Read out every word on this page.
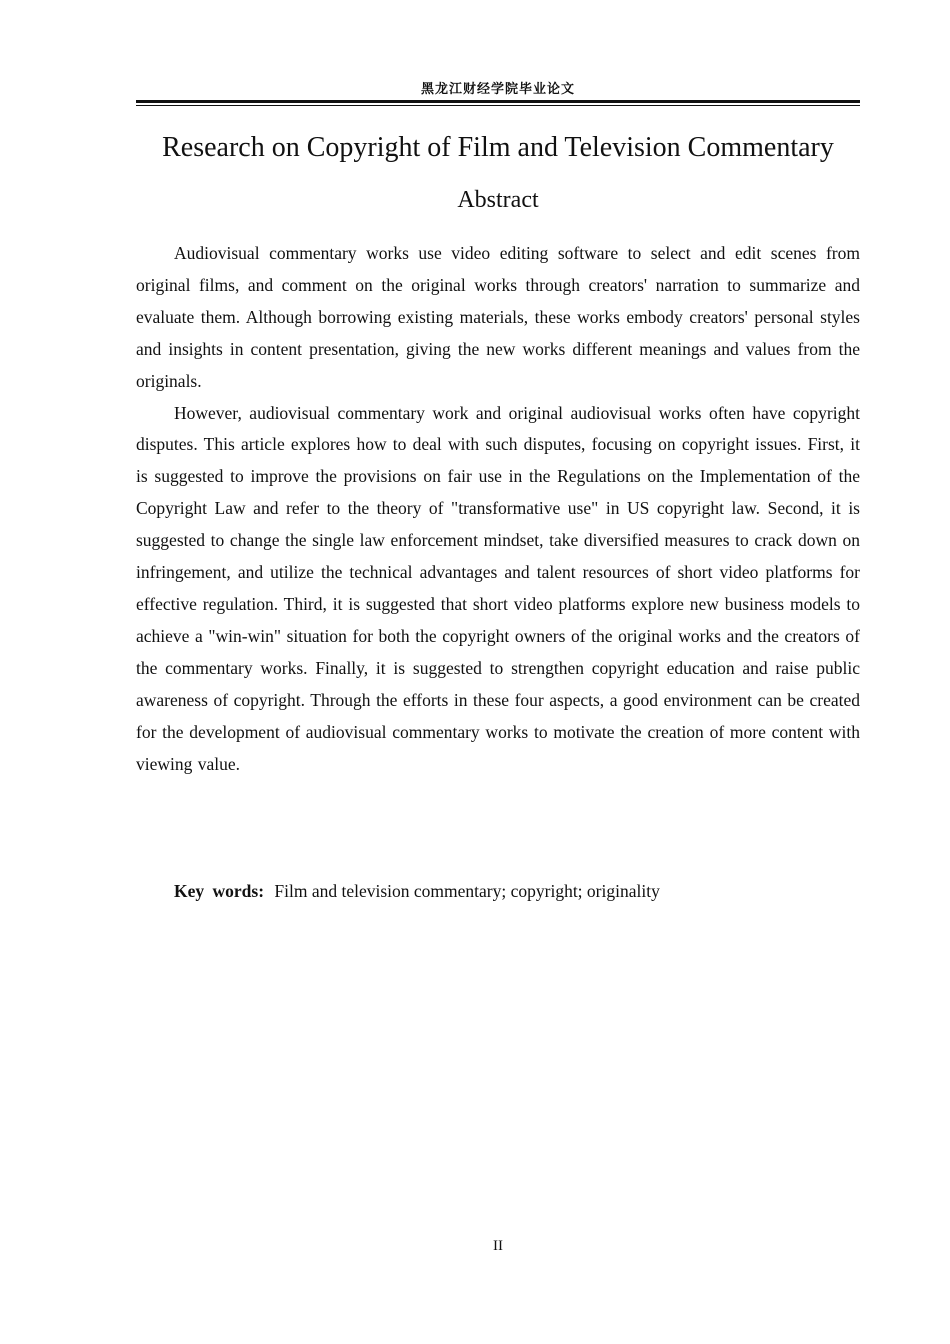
黑龙江财经学院毕业论文
Research on Copyright of Film and Television Commentary
Abstract

Audiovisual commentary works use video editing software to select and edit scenes from original films, and comment on the original works through creators' narration to summarize and evaluate them. Although borrowing existing materials, these works embody creators' personal styles and insights in content presentation, giving the new works different meanings and values from the originals.

However, audiovisual commentary work and original audiovisual works often have copyright disputes. This article explores how to deal with such disputes, focusing on copyright issues. First, it is suggested to improve the provisions on fair use in the Regulations on the Implementation of the Copyright Law and refer to the theory of "transformative use" in US copyright law. Second, it is suggested to change the single law enforcement mindset, take diversified measures to crack down on infringement, and utilize the technical advantages and talent resources of short video platforms for effective regulation. Third, it is suggested that short video platforms explore new business models to achieve a "win-win" situation for both the copyright owners of the original works and the creators of the commentary works. Finally, it is suggested to strengthen copyright education and raise public awareness of copyright. Through the efforts in these four aspects, a good environment can be created for the development of audiovisual commentary works to motivate the creation of more content with viewing value.

Key words: Film and television commentary; copyright; originality
II
